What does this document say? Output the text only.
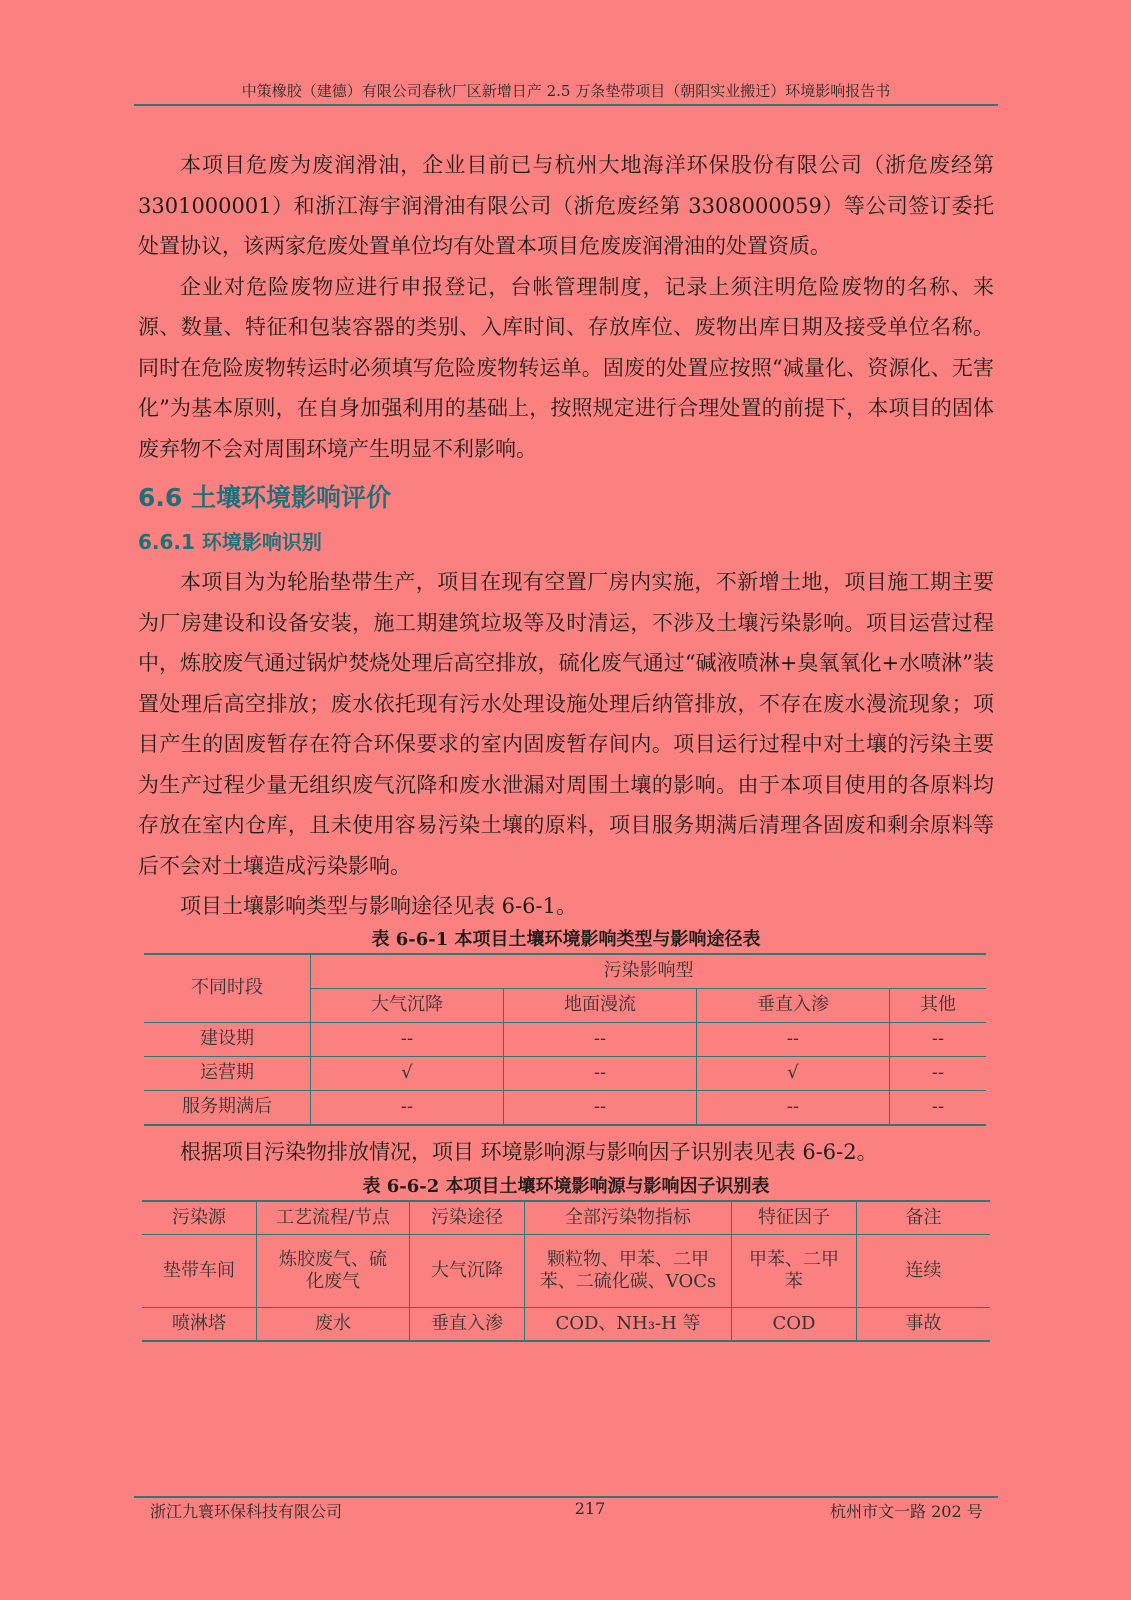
中策橡胶（建德）有限公司春秋厂区新增日产 2.5 万条垫带项目（朝阳实业搬迁）环境影响报告书

本项目危废为废润滑油，企业目前已与杭州大地海洋环保股份有限公司（浙危废经第 3301000001）和浙江海宇润滑油有限公司（浙危废经第 3308000059）等公司签订委托处置协议，该两家危废处置单位均有处置本项目危废废润滑油的处置资质。

企业对危险废物应进行申报登记，台帐管理制度，记录上须注明危险废物的名称、来源、数量、特征和包装容器的类别、入库时间、存放库位、废物出库日期及接受单位名称。同时在危险废物转运时必须填写危险废物转运单。固废的处置应按照“减量化、资源化、无害化”为基本原则，在自身加强利用的基础上，按照规定进行合理处置的前提下，本项目的固体废弃物不会对周围环境产生明显不利影响。

6.6 土壤环境影响评价
6.6.1 环境影响识别

本项目为为轮胎垫带生产，项目在现有空置厂房内实施，不新增土地，项目施工期主要为厂房建设和设备安装，施工期建筑垃圾等及时清运，不涉及土壤污染影响。项目运营过程中，炼胶废气通过锅炉焚烧处理后高空排放，硫化废气通过“碱液喷淋+臭氧氧化+水喷淋”装置处理后高空排放；废水依托现有污水处理设施处理后纳管排放，不存在废水漫流现象；项目产生的固废暂存在符合环保要求的室内固废暂存间内。项目运行过程中对土壤的污染主要为生产过程少量无组织废气沉降和废水泄漏对周围土壤的影响。由于本项目使用的各原料均存放在室内仓库，且未使用容易污染土壤的原料，项目服务期满后清理各固废和剩余原料等后不会对土壤造成污染影响。

项目土壤影响类型与影响途径见表 6-6-1。

表 6-6-1 本项目土壤环境影响类型与影响途径表

不同时段	污染影响型			
	大气沉降	地面漫流	垂直入渗	其他
建设期	--	--	--	--
运营期	√	--	√	--
服务期满后	--	--	--	--

根据项目污染物排放情况，项目 环境影响源与影响因子识别表见表 6-6-2。

表 6-6-2 本项目土壤环境影响源与影响因子识别表

污染源	工艺流程/节点	污染途径	全部污染物指标	特征因子	备注
垫带车间	炼胶废气、硫化废气	大气沉降	颗粒物、甲苯、二甲苯、二硫化碳、VOCs	甲苯、二甲苯	连续
喷淋塔	废水	垂直入渗	COD、NH₃-H 等	COD	事故
浙江九寰环保科技有限公司	217	杭州市文一路 202 号
